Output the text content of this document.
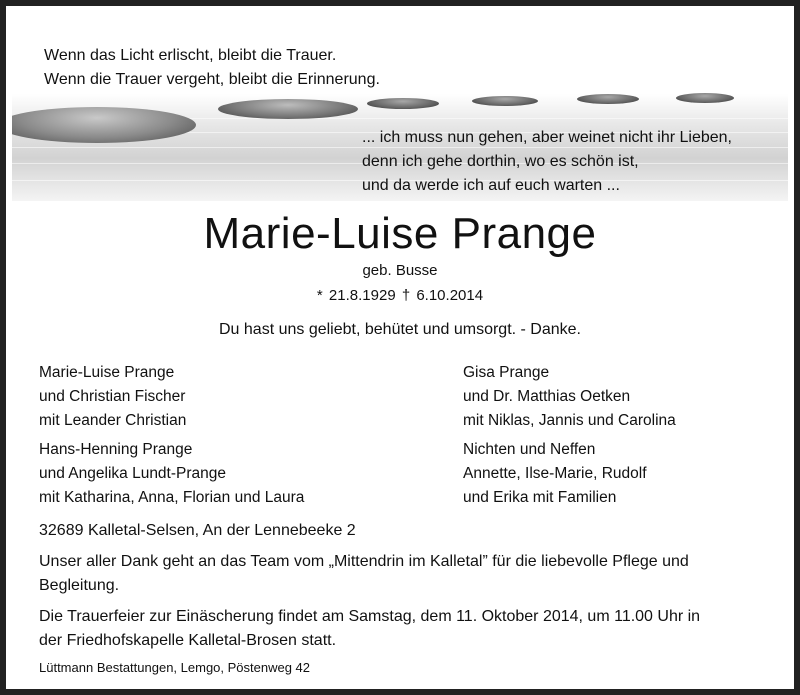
Wenn das Licht erlischt, bleibt die Trauer.
Wenn die Trauer vergeht, bleibt die Erinnerung.
... ich muss nun gehen, aber weinet nicht ihr Lieben,
denn ich gehe dorthin, wo es schön ist,
und da werde ich auf euch warten ...
Marie-Luise Prange
geb. Busse
* 21.8.1929 † 6.10.2014
Du hast uns geliebt, behütet und umsorgt. - Danke.
Marie-Luise Prange
und Christian Fischer
mit Leander Christian
Hans-Henning Prange
und Angelika Lundt-Prange
mit Katharina, Anna, Florian und Laura
Gisa Prange
und Dr. Matthias Oetken
mit Niklas, Jannis und Carolina
Nichten und Neffen
Annette, Ilse-Marie, Rudolf
und Erika mit Familien
32689 Kalletal-Selsen, An der Lennebeeke 2
Unser aller Dank geht an das Team vom „Mittendrin im Kalletal” für die liebevolle Pflege und
Begleitung.
Die Trauerfeier zur Einäscherung findet am Samstag, dem 11. Oktober 2014, um 11.00 Uhr in
der Friedhofskapelle Kalletal-Brosen statt.
Lüttmann Bestattungen, Lemgo, Pöstenweg 42
